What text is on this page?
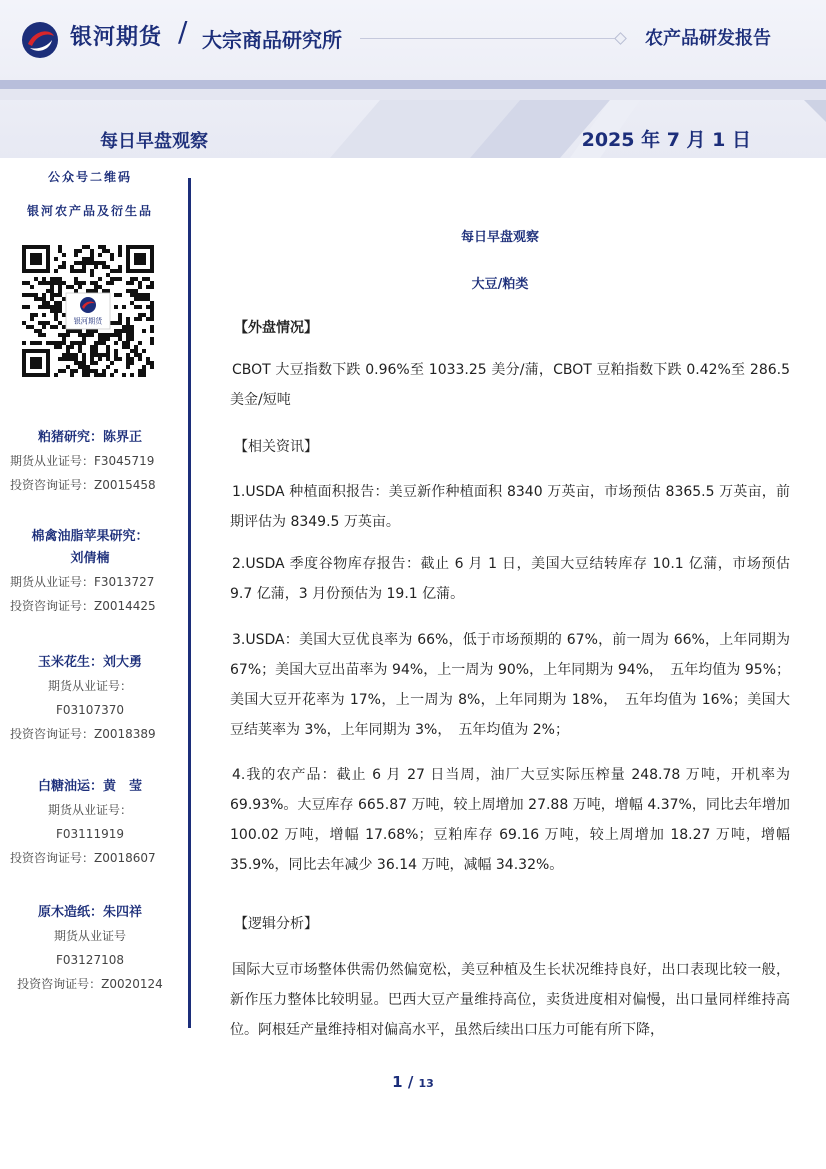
银河期货 / 大宗商品研究所	农产品研发报告
每日早盘观察	2025 年 7 月 1 日
公众号二维码
银河农产品及衍生品
银河期货
粕猪研究：陈界正
期货从业证号：F3045719
投资咨询证号：Z0015458
棉禽油脂苹果研究：
刘倩楠
期货从业证号：F3013727
投资咨询证号：Z0014425
玉米花生：刘大勇
期货从业证号：
F03107370
投资咨询证号：Z0018389
白糖油运：黄　莹
期货从业证号：
F03111919
投资咨询证号：Z0018607
原木造纸：朱四祥
期货从业证号
F03127108
投资咨询证号：Z0020124
每日早盘观察
大豆/粕类
【外盘情况】
CBOT 大豆指数下跌 0.96%至 1033.25 美分/蒲，CBOT 豆粕指数下跌 0.42%至 286.5 美金/短吨
【相关资讯】
1.USDA 种植面积报告：美豆新作种植面积 8340 万英亩，市场预估 8365.5 万英亩，前期评估为 8349.5 万英亩。
2.USDA 季度谷物库存报告：截止 6 月 1 日，美国大豆结转库存 10.1 亿蒲，市场预估 9.7 亿蒲，3 月份预估为 19.1 亿蒲。
3.USDA：美国大豆优良率为 66%，低于市场预期的 67%，前一周为 66%，上年同期为 67%；美国大豆出苗率为 94%，上一周为 90%，上年同期为 94%，　五年均值为 95%；美国大豆开花率为 17%，上一周为 8%，上年同期为 18%，　五年均值为 16%；美国大豆结荚率为 3%，上年同期为 3%，　五年均值为 2%；
4.我的农产品：截止 6 月 27 日当周，油厂大豆实际压榨量 248.78 万吨，开机率为 69.93%。大豆库存 665.87 万吨，较上周增加 27.88 万吨，增幅 4.37%，同比去年增加 100.02 万吨，增幅 17.68%；豆粕库存 69.16 万吨，较上周增加 18.27 万吨，增幅 35.9%，同比去年减少 36.14 万吨，减幅 34.32%。
【逻辑分析】
国际大豆市场整体供需仍然偏宽松，美豆种植及生长状况维持良好，出口表现比较一般，新作压力整体比较明显。巴西大豆产量维持高位，卖货进度相对偏慢，出口量同样维持高位。阿根廷产量维持相对偏高水平，虽然后续出口压力可能有所下降，
1 / 13
